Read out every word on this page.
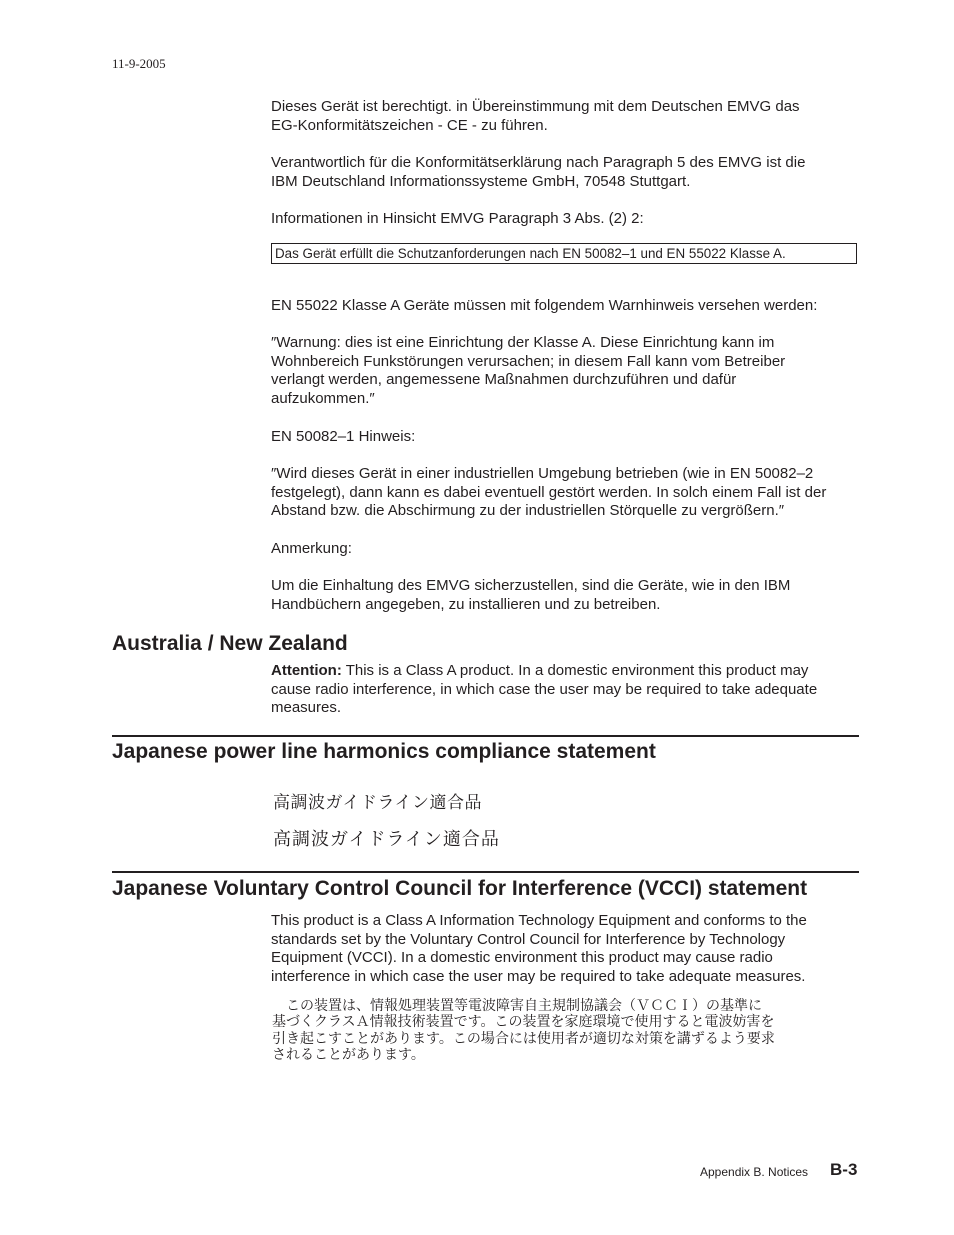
11-9-2005

Dieses Gerät ist berechtigt. in Übereinstimmung mit dem Deutschen EMVG das

EG-Konformitätszeichen - CE - zu führen.

Verantwortlich für die Konformitätserklärung nach Paragraph 5 des EMVG ist die

IBM Deutschland Informationssysteme GmbH, 70548 Stuttgart.

Informationen in Hinsicht EMVG Paragraph 3 Abs. (2) 2:

Das Gerät erfüllt die Schutzanforderungen nach EN 50082–1 und EN 55022 Klasse A.

EN 55022 Klasse A Geräte müssen mit folgendem Warnhinweis versehen werden:

″Warnung: dies ist eine Einrichtung der Klasse A. Diese Einrichtung kann im

Wohnbereich Funkstörungen verursachen; in diesem Fall kann vom Betreiber

verlangt werden, angemessene Maßnahmen durchzuführen und dafür

aufzukommen.″

EN 50082–1 Hinweis:

″Wird dieses Gerät in einer industriellen Umgebung betrieben (wie in EN 50082–2

festgelegt), dann kann es dabei eventuell gestört werden. In solch einem Fall ist der

Abstand bzw. die Abschirmung zu der industriellen Störquelle zu vergrößern.″

Anmerkung:

Um die Einhaltung des EMVG sicherzustellen, sind die Geräte, wie in den IBM

Handbüchern angegeben, zu installieren und zu betreiben.

Australia / New Zealand

Attention: This is a Class A product. In a domestic environment this product may

cause radio interference, in which case the user may be required to take adequate

measures.

Japanese power line harmonics compliance statement
高調波ガイドライン適合品
高調波ガイドライン適合品
Japanese Voluntary Control Council for Interference (VCCI) statement

This product is a Class A Information Technology Equipment and conforms to the

standards set by the Voluntary Control Council for Interference by Technology

Equipment (VCCI). In a domestic environment this product may cause radio

interference in which case the user may be required to take adequate measures.

　この装置は、情報処理装置等電波障害自主規制協議会（ＶＣＣＩ）の基準に
基づくクラスＡ情報技術装置です。この装置を家庭環境で使用すると電波妨害を
引き起こすことがあります。この場合には使用者が適切な対策を講ずるよう要求
されることがあります。
Appendix B. Notices B-3
